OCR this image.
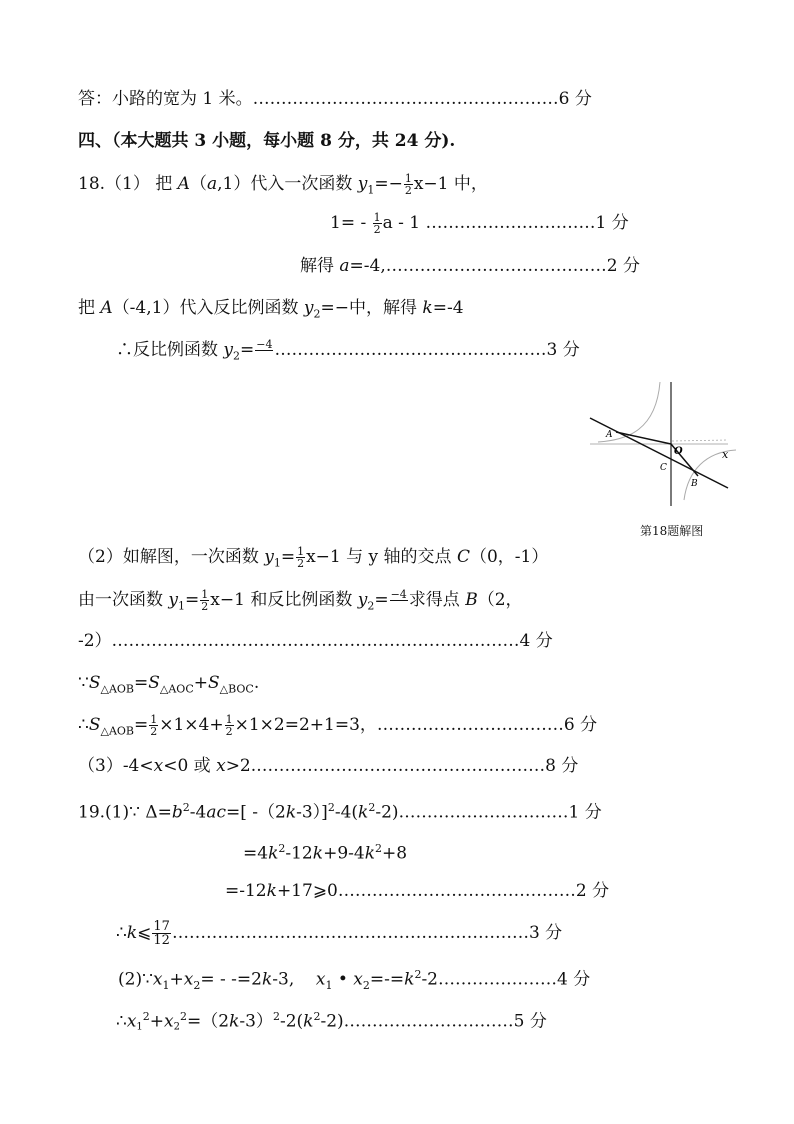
答：小路的宽为 1 米。………………………………………………6 分
四、（本大题共 3 小题，每小题 8 分，共 24 分).
18.（1） 把 A（a,1）代入一次函数 $y_1=- \frac{1}{2} x-1$ 中，
$1= - \frac{1}{2}$ a - 1 …………………………1 分
解得 a=-4,…………………………………2 分
把 A（-4,1）代入反比例函数 $y_2=-$中，解得 k=-4
∴反比例函数 $y_2= -4$
…………………………………………3 分
A
O
C
B
x
第18题解图
（2）如解图，一次函数 $y_1= \frac{1}{2} x-1$ 与 y 轴的交点 C（0，-1）
由一次函数 $y_1= \frac{1}{2} x-1$ 和反比例函数 $y_2= -4$
求得点 B（2，
-2）………………………………………………………………4 分
$\because S_{\triangle AOB}=S_{\triangle AOC}+S_{\triangle BOC}$.
$\therefore S_{\triangle AOB}= \frac{1}{2} \times 1\times 4+ \frac{1}{2} \times 1\times 2=2+1=3$，……………………………6 分
（3）-4<x<0 或 x>2.……………………………………………8 分
19.(1)∵ $\Delta=b^2-4ac=$[ $-(2k-3)]^2-4(k^2-2)\dots\dots\dots\dots\dots\dots\dots\dots\dots\dots 1$ 分
$=4k^2-12k+9-4k^2+8$
=-12k+17⩾0……………………………………2 分
∴k⩽ $\frac{17}{12}$ ………………………………………………………3 分
$(2)\because x_1+x_2= - -=2k-3$, $x_1$ • $x_2=-=k^2-2\dots\dots\dots\dots\dots\dots\dots 4$ 分
$\therefore x_1^2+x_2^2=(2k-3)^2-2(k^2-2)\dots\dots\dots\dots\dots\dots\dots\dots\dots\dots 5$ 分
